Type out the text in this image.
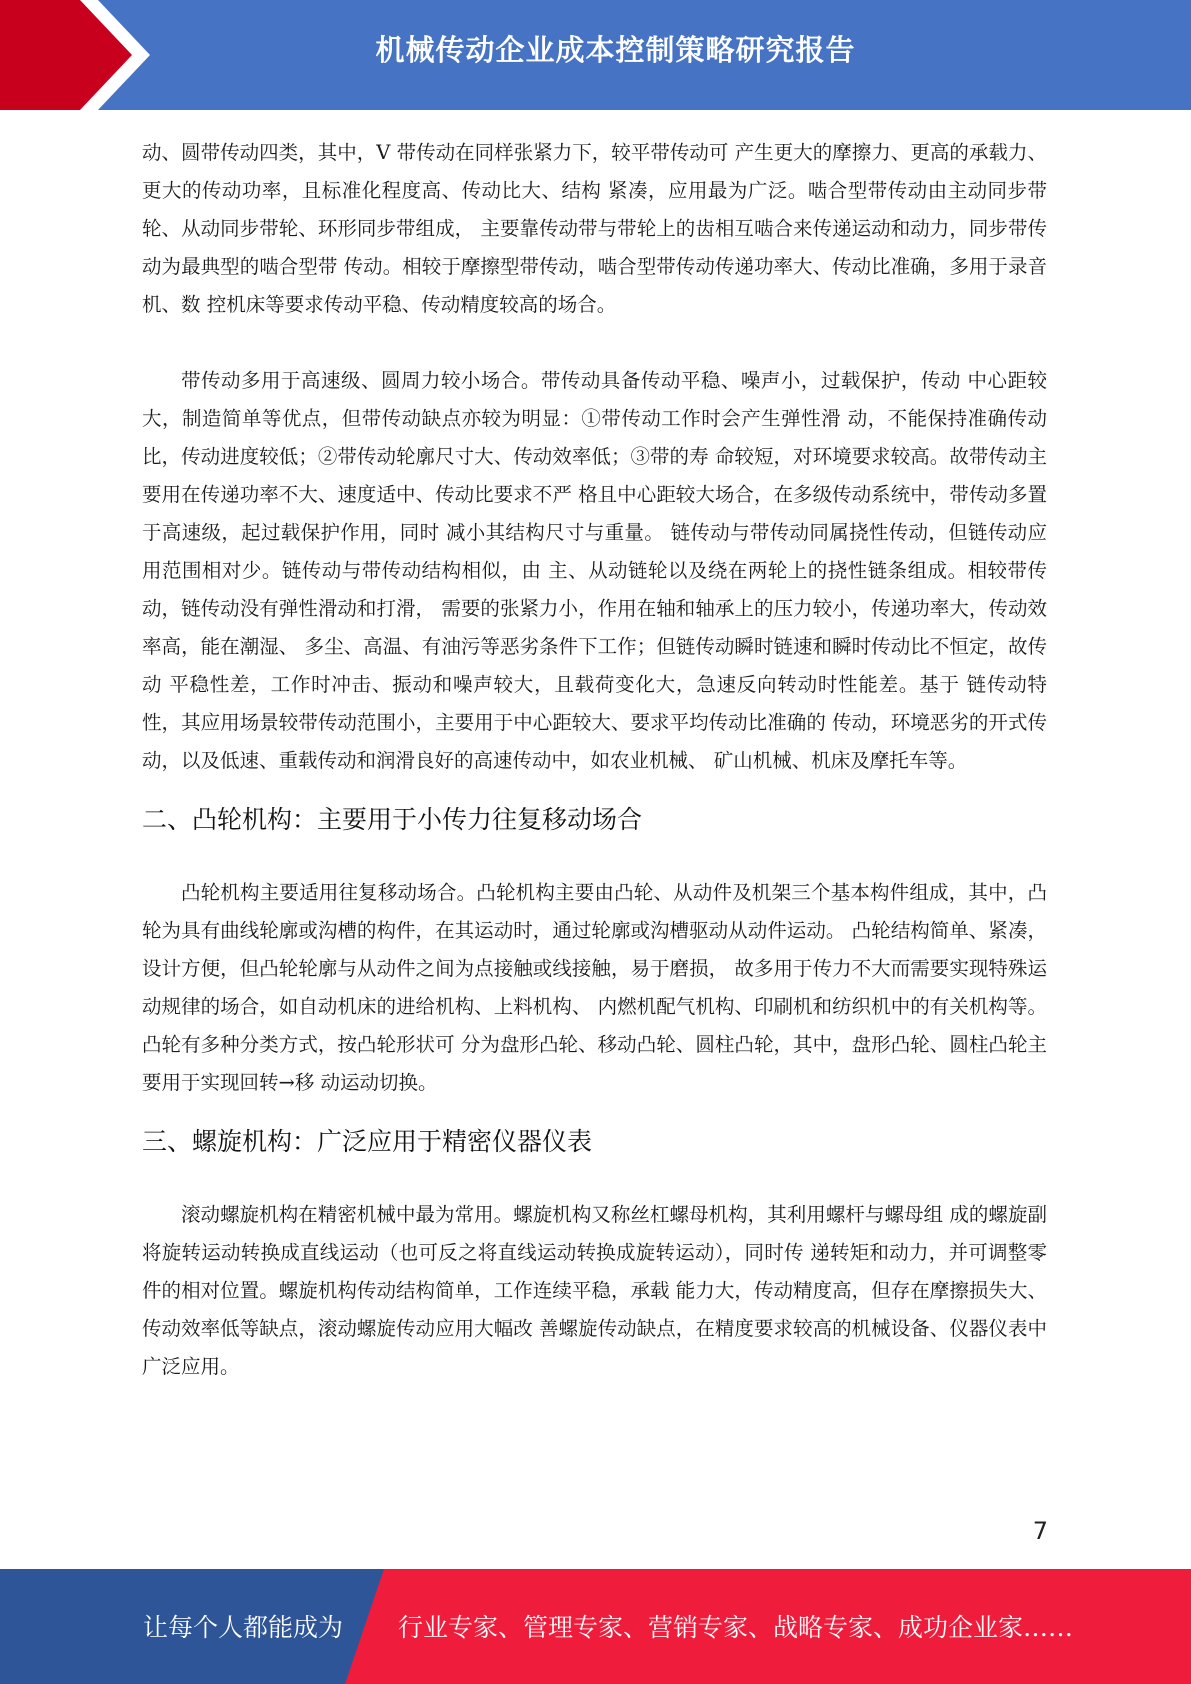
机械传动企业成本控制策略研究报告

动、圆带传动四类，其中，V 带传动在同样张紧力下，较平带传动可 产生更大的摩擦力、更高的承载力、更大的传动功率，且标准化程度高、传动比大、结构 紧凑，应用最为广泛。啮合型带传动由主动同步带轮、从动同步带轮、环形同步带组成， 主要靠传动带与带轮上的齿相互啮合来传递运动和动力，同步带传动为最典型的啮合型带 传动。相较于摩擦型带传动，啮合型带传动传递功率大、传动比准确，多用于录音机、数 控机床等要求传动平稳、传动精度较高的场合。

带传动多用于高速级、圆周力较小场合。带传动具备传动平稳、噪声小，过载保护，传动 中心距较大，制造简单等优点，但带传动缺点亦较为明显：①带传动工作时会产生弹性滑 动，不能保持准确传动比，传动进度较低；②带传动轮廓尺寸大、传动效率低；③带的寿 命较短，对环境要求较高。故带传动主要用在传递功率不大、速度适中、传动比要求不严 格且中心距较大场合，在多级传动系统中，带传动多置于高速级，起过载保护作用，同时 减小其结构尺寸与重量。 链传动与带传动同属挠性传动，但链传动应用范围相对少。链传动与带传动结构相似，由 主、从动链轮以及绕在两轮上的挠性链条组成。相较带传动，链传动没有弹性滑动和打滑， 需要的张紧力小，作用在轴和轴承上的压力较小，传递功率大，传动效率高，能在潮湿、 多尘、高温、有油污等恶劣条件下工作；但链传动瞬时链速和瞬时传动比不恒定，故传动 平稳性差，工作时冲击、振动和噪声较大，且载荷变化大，急速反向转动时性能差。基于 链传动特性，其应用场景较带传动范围小，主要用于中心距较大、要求平均传动比准确的 传动，环境恶劣的开式传动，以及低速、重载传动和润滑良好的高速传动中，如农业机械、 矿山机械、机床及摩托车等。

二、凸轮机构：主要用于小传力往复移动场合

凸轮机构主要适用往复移动场合。凸轮机构主要由凸轮、从动件及机架三个基本构件组成，其中，凸轮为具有曲线轮廓或沟槽的构件，在其运动时，通过轮廓或沟槽驱动从动件运动。 凸轮结构简单、紧凑，设计方便，但凸轮轮廓与从动件之间为点接触或线接触，易于磨损， 故多用于传力不大而需要实现特殊运动规律的场合，如自动机床的进给机构、上料机构、 内燃机配气机构、印刷机和纺织机中的有关机构等。凸轮有多种分类方式，按凸轮形状可 分为盘形凸轮、移动凸轮、圆柱凸轮，其中，盘形凸轮、圆柱凸轮主要用于实现回转→移 动运动切换。

三、螺旋机构：广泛应用于精密仪器仪表

滚动螺旋机构在精密机械中最为常用。螺旋机构又称丝杠螺母机构，其利用螺杆与螺母组 成的螺旋副将旋转运动转换成直线运动（也可反之将直线运动转换成旋转运动），同时传 递转矩和动力，并可调整零件的相对位置。螺旋机构传动结构简单，工作连续平稳，承载 能力大，传动精度高，但存在摩擦损失大、传动效率低等缺点，滚动螺旋传动应用大幅改 善螺旋传动缺点，在精度要求较高的机械设备、仪器仪表中广泛应用。

7
让每个人都能成为 行业专家、管理专家、营销专家、战略专家、成功企业家……
